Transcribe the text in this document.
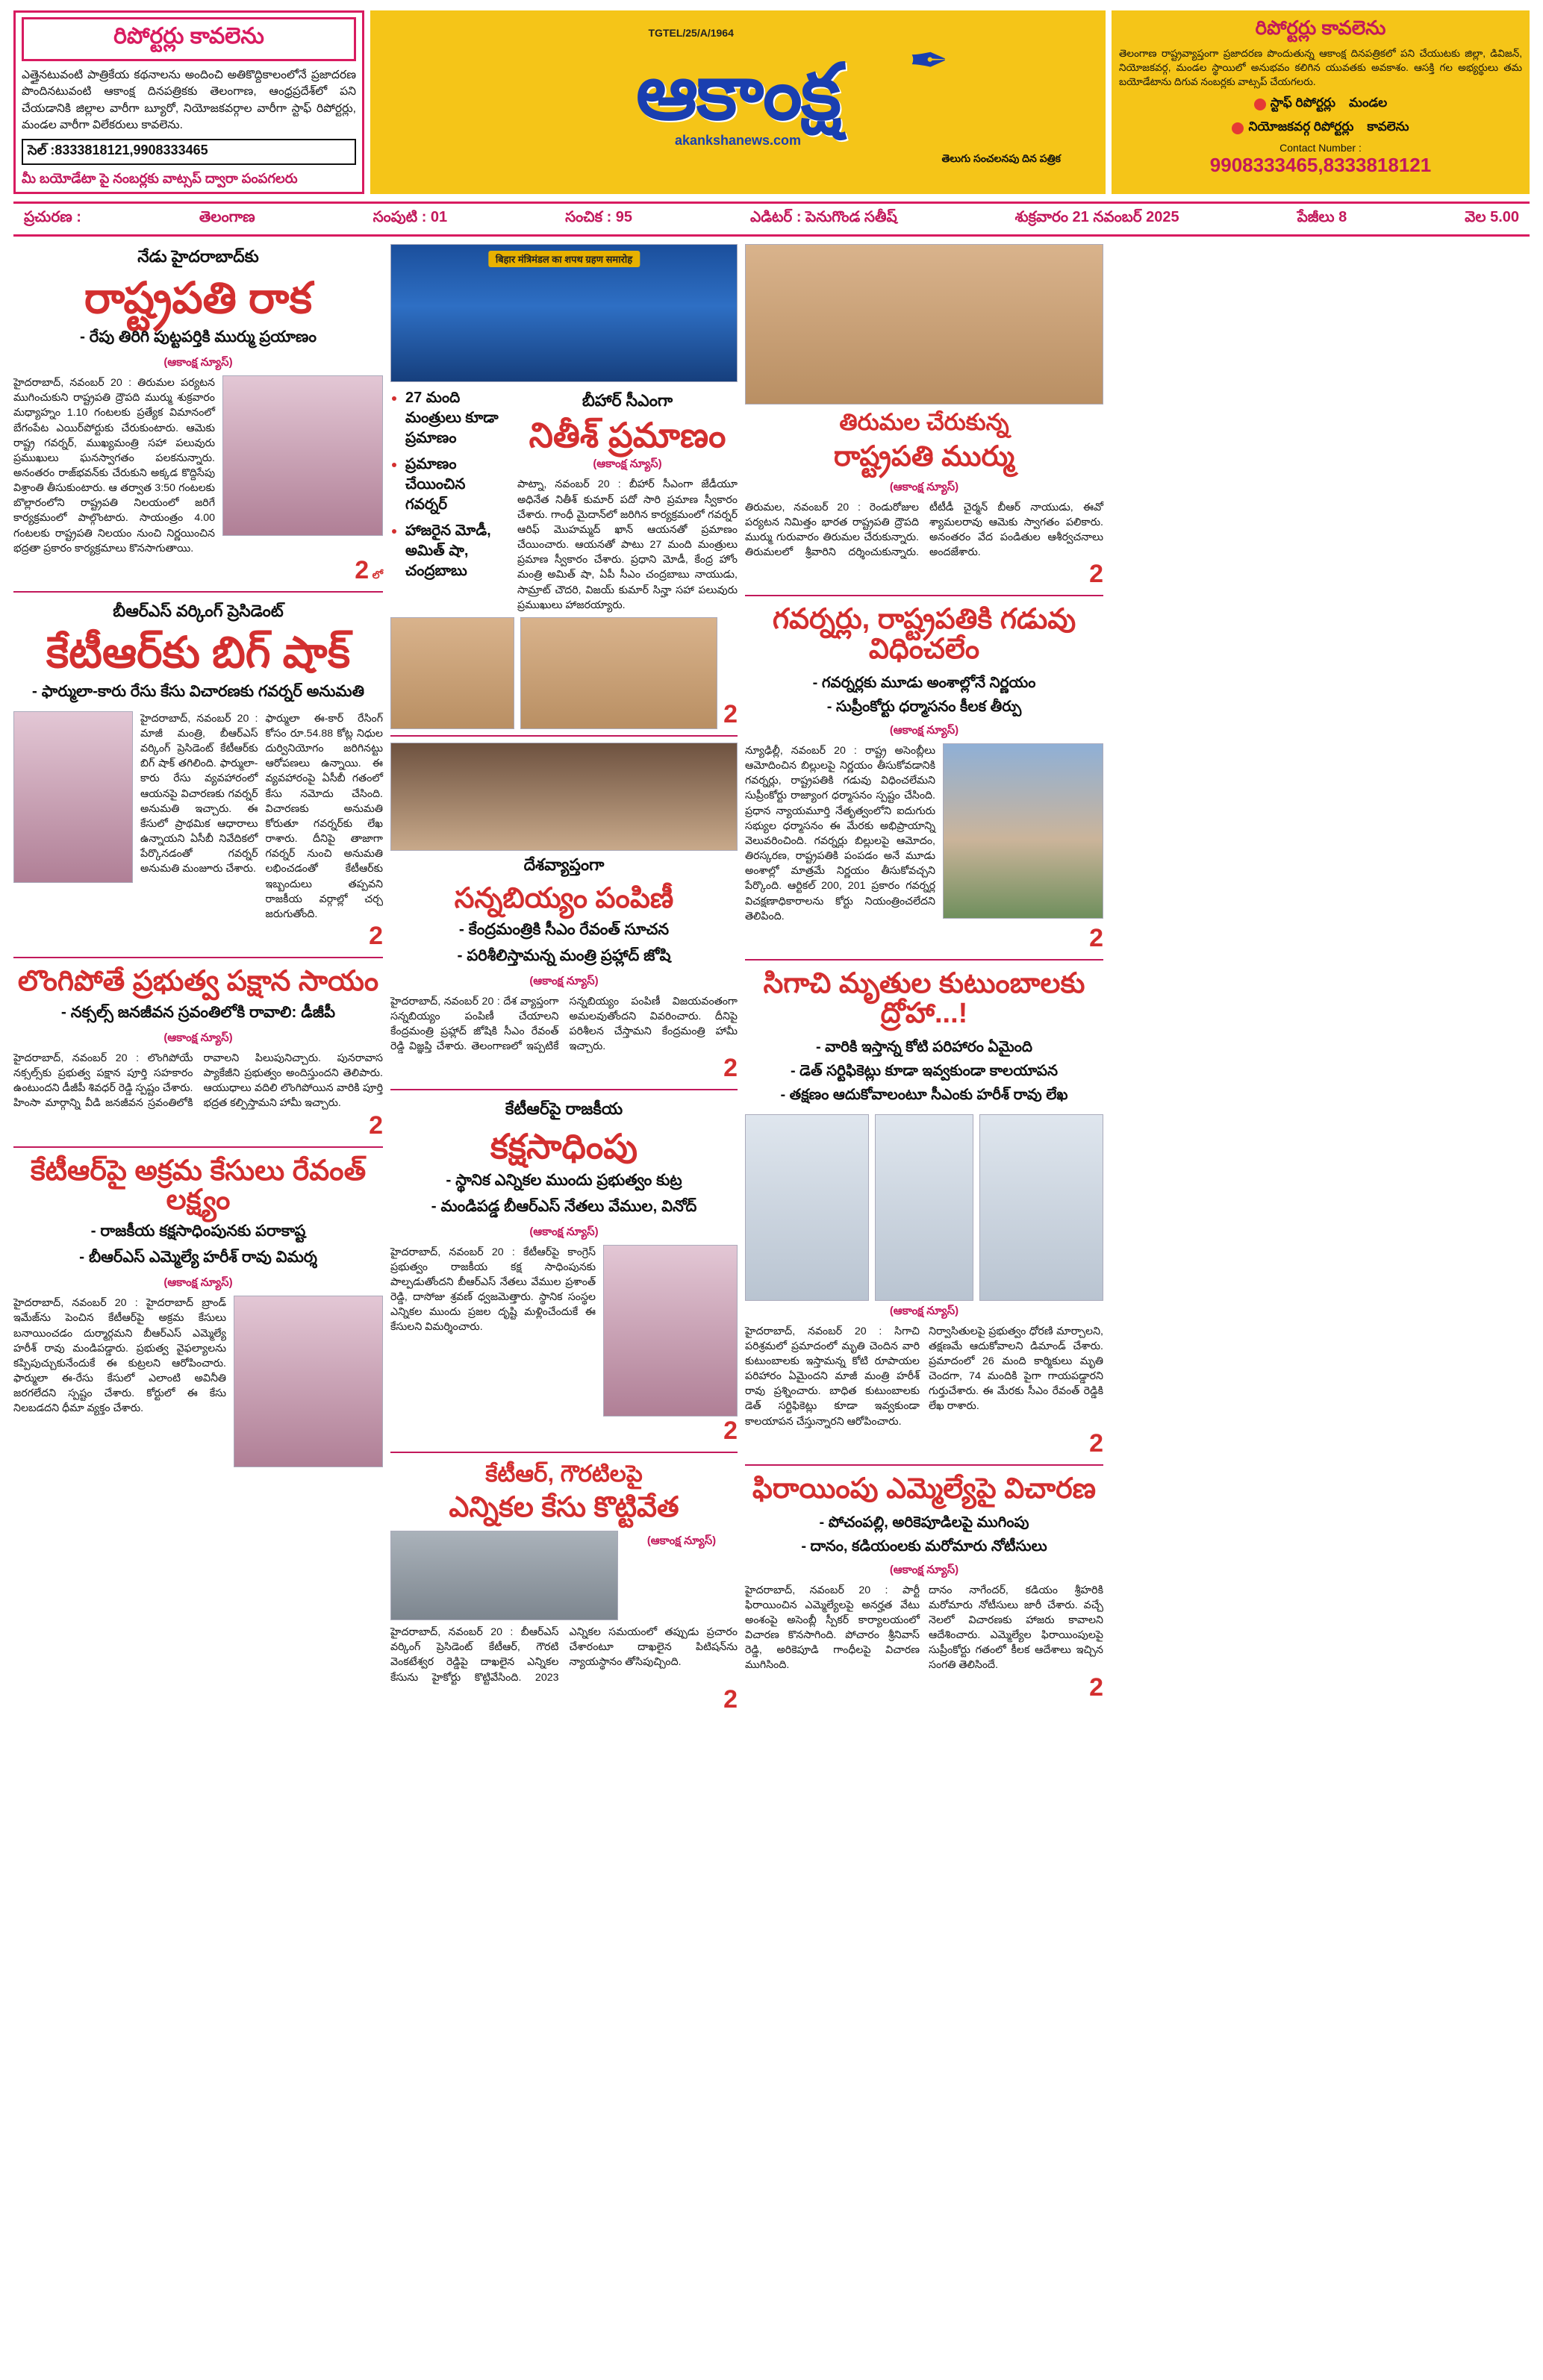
రిపోర్టర్లు కావలెను
ఎత్తైనటువంటి పాత్రికేయ కథనాలను అందించి అతికొద్దికాలంలోనే ప్రజాదరణ పొందినటువంటి ఆకాంక్ష దినపత్రికకు తెలంగాణ, ఆంధ్రప్రదేశ్‌లో పని చేయడానికి జిల్లాల వారీగా బ్యూరో, నియోజకవర్గాల వారీగా స్టాఫ్ రిపోర్టర్లు, మండల వారీగా విలేకరులు కావలెను.
సెల్ :8333818121,9908333465
మీ బయోడేటా పై నంబర్లకు వాట్సప్ ద్వారా పంపగలరు
TGTEL/25/A/1964
ఆకాంక్ష
akankshanews.com
తెలుగు సంచలనపు దిన పత్రిక
✒
రిపోర్టర్లు కావలెను
తెలంగాణ రాష్ట్రవ్యాప్తంగా ప్రజాదరణ పొందుతున్న ఆకాంక్ష దినపత్రికలో పని చేయుటకు జిల్లా, డివిజన్, నియోజకవర్గ, మండల స్థాయిలో అనుభవం కలిగిన యువతకు అవకాశం. ఆసక్తి గల అభ్యర్థులు తమ బయోడేటాను దిగువ నంబర్లకు వాట్సప్ చేయగలరు.
స్టాఫ్ రిపోర్టర్లు మండల
నియోజకవర్గ రిపోర్టర్లు కావలెను
Contact Number :
9908333465,8333818121
ప్రచురణ :	తెలంగాణ	సంపుటి : 01	సంచిక : 95	ఎడిటర్ : పెనుగొండ సతీష్	శుక్రవారం 21 నవంబర్ 2025	పేజీలు 8	వెల 5.00
నేడు హైదరాబాద్‌కు
రాష్ట్రపతి రాక
- రేపు తిరిగి పుట్టపర్తికి ముర్ము ప్రయాణం
(ఆకాంక్ష న్యూస్)
హైదరాబాద్, నవంబర్ 20 : తిరుమల పర్యటన ముగించుకుని రాష్ట్రపతి ద్రౌపది ముర్ము శుక్రవారం మధ్యాహ్నం 1.10 గంటలకు ప్రత్యేక విమానంలో బేగంపేట ఎయిర్‌పోర్టుకు చేరుకుంటారు. ఆమెకు రాష్ట్ర గవర్నర్, ముఖ్యమంత్రి సహా పలువురు ప్రముఖులు ఘనస్వాగతం పలకనున్నారు. అనంతరం రాజ్‌భవన్‌కు చేరుకుని అక్కడ కొద్దిసేపు విశ్రాంతి తీసుకుంటారు. ఆ తర్వాత 3:50 గంటలకు బొల్లారంలోని రాష్ట్రపతి నిలయంలో జరిగే కార్యక్రమంలో పాల్గొంటారు. సాయంత్రం 4.00 గంటలకు రాష్ట్రపతి నిలయం నుంచి నిర్ణయించిన భద్రతా ప్రకారం కార్యక్రమాలు కొనసాగుతాయి.
2 లో
బీఆర్ఎస్ వర్కింగ్ ప్రెసిడెంట్
కేటీఆర్‌కు బిగ్ షాక్
- ఫార్ములా-కారు రేసు కేసు విచారణకు గవర్నర్ అనుమతి
హైదరాబాద్, నవంబర్ 20 : మాజీ మంత్రి, బీఆర్ఎస్ వర్కింగ్ ప్రెసిడెంట్ కేటీఆర్‌కు బిగ్ షాక్ తగిలింది. ఫార్ములా-కారు రేసు వ్యవహారంలో ఆయనపై విచారణకు గవర్నర్ అనుమతి ఇచ్చారు. ఈ కేసులో ప్రాథమిక ఆధారాలు ఉన్నాయని ఏసీబీ నివేదికలో పేర్కొనడంతో గవర్నర్ అనుమతి మంజూరు చేశారు.
ఫార్ములా ఈ-కార్ రేసింగ్ కోసం రూ.54.88 కోట్ల నిధుల దుర్వినియోగం జరిగినట్టు ఆరోపణలు ఉన్నాయి. ఈ వ్యవహారంపై ఏసీబీ గతంలో కేసు నమోదు చేసింది. విచారణకు అనుమతి కోరుతూ గవర్నర్‌కు లేఖ రాశారు. దీనిపై తాజాగా గవర్నర్ నుంచి అనుమతి లభించడంతో కేటీఆర్‌కు ఇబ్బందులు తప్పవని రాజకీయ వర్గాల్లో చర్చ జరుగుతోంది.
2
లొంగిపోతే ప్రభుత్వ పక్షాన సాయం
- నక్సల్స్ జనజీవన స్రవంతిలోకి రావాలి: డీజీపీ
(ఆకాంక్ష న్యూస్)
హైదరాబాద్, నవంబర్ 20 : లొంగిపోయే నక్సల్స్‌కు ప్రభుత్వ పక్షాన పూర్తి సహకారం ఉంటుందని డీజీపీ శివధర్ రెడ్డి స్పష్టం చేశారు. హింసా మార్గాన్ని వీడి జనజీవన స్రవంతిలోకి రావాలని పిలుపునిచ్చారు. పునరావాస ప్యాకేజీని ప్రభుత్వం అందిస్తుందని తెలిపారు. ఆయుధాలు వదిలి లొంగిపోయిన వారికి పూర్తి భద్రత కల్పిస్తామని హామీ ఇచ్చారు.
2
కేటీఆర్‌పై అక్రమ కేసులు రేవంత్ లక్ష్యం
- రాజకీయ కక్షసాధింపునకు పరాకాష్ట
- బీఆర్ఎస్ ఎమ్మెల్యే హరీశ్ రావు విమర్శ
(ఆకాంక్ష న్యూస్)
హైదరాబాద్, నవంబర్ 20 : హైదరాబాద్ బ్రాండ్ ఇమేజ్‌ను పెంచిన కేటీఆర్‌పై అక్రమ కేసులు బనాయించడం దుర్మార్గమని బీఆర్ఎస్ ఎమ్మెల్యే హరీశ్ రావు మండిపడ్డారు. ప్రభుత్వ వైఫల్యాలను కప్పిపుచ్చుకునేందుకే ఈ కుట్రలని ఆరోపించారు. ఫార్ములా ఈ-రేసు కేసులో ఎలాంటి అవినీతి జరగలేదని స్పష్టం చేశారు. కోర్టులో ఈ కేసు నిలబడదని ధీమా వ్యక్తం చేశారు.
बिहार मंत्रिमंडल का शपथ ग्रहण समारोह
• 27 మంది మంత్రులు కూడా ప్రమాణం
• ప్రమాణం చేయించిన గవర్నర్
• హాజరైన మోడీ, అమిత్ షా, చంద్రబాబు
బీహార్ సీఎంగా
నితీశ్ ప్రమాణం
(ఆకాంక్ష న్యూస్)
పాట్నా, నవంబర్ 20 : బీహార్ సీఎంగా జేడీయూ అధినేత నితీశ్ కుమార్ పదో సారి ప్రమాణ స్వీకారం చేశారు. గాంధీ మైదాన్‌లో జరిగిన కార్యక్రమంలో గవర్నర్ ఆరిఫ్ మొహమ్మద్ ఖాన్ ఆయనతో ప్రమాణం చేయించారు. ఆయనతో పాటు 27 మంది మంత్రులు ప్రమాణ స్వీకారం చేశారు. ప్రధాని మోడీ, కేంద్ర హోం మంత్రి అమిత్ షా, ఏపీ సీఎం చంద్రబాబు నాయుడు, సామ్రాట్ చౌదరి, విజయ్ కుమార్ సిన్హా సహా పలువురు ప్రముఖులు హాజరయ్యారు.
2
దేశవ్యాప్తంగా
సన్నబియ్యం పంపిణీ
- కేంద్రమంత్రికి సీఎం రేవంత్ సూచన
- పరిశీలిస్తామన్న మంత్రి ప్రహ్లాద్ జోషి
(ఆకాంక్ష న్యూస్)
హైదరాబాద్, నవంబర్ 20 : దేశ వ్యాప్తంగా సన్నబియ్యం పంపిణీ చేయాలని కేంద్రమంత్రి ప్రహ్లాద్ జోషికి సీఎం రేవంత్ రెడ్డి విజ్ఞప్తి చేశారు. తెలంగాణలో ఇప్పటికే సన్నబియ్యం పంపిణీ విజయవంతంగా అమలవుతోందని వివరించారు. దీనిపై పరిశీలన చేస్తామని కేంద్రమంత్రి హామీ ఇచ్చారు.
2
కేటీఆర్‌పై రాజకీయ
కక్షసాధింపు
- స్థానిక ఎన్నికల ముందు ప్రభుత్వం కుట్ర
- మండిపడ్డ బీఆర్ఎస్ నేతలు వేముల, వినోద్
(ఆకాంక్ష న్యూస్)
హైదరాబాద్, నవంబర్ 20 : కేటీఆర్‌పై కాంగ్రెస్ ప్రభుత్వం రాజకీయ కక్ష సాధింపునకు పాల్పడుతోందని బీఆర్ఎస్ నేతలు వేముల ప్రశాంత్ రెడ్డి, దాసోజు శ్రవణ్ ధ్వజమెత్తారు. స్థానిక సంస్థల ఎన్నికల ముందు ప్రజల దృష్టి మళ్లించేందుకే ఈ కేసులని విమర్శించారు.
2
కేటీఆర్, గౌరటిలపై
ఎన్నికల కేసు కొట్టివేత
(ఆకాంక్ష న్యూస్)
హైదరాబాద్, నవంబర్ 20 : బీఆర్ఎస్ వర్కింగ్ ప్రెసిడెంట్ కేటీఆర్, గౌరటి వెంకటేశ్వర రెడ్డిపై దాఖలైన ఎన్నికల కేసును హైకోర్టు కొట్టివేసింది. 2023 ఎన్నికల సమయంలో తప్పుడు ప్రచారం చేశారంటూ దాఖలైన పిటిషన్‌ను న్యాయస్థానం తోసిపుచ్చింది.
2
తిరుమల చేరుకున్న
రాష్ట్రపతి ముర్ము
(ఆకాంక్ష న్యూస్)
తిరుమల, నవంబర్ 20 : రెండురోజుల పర్యటన నిమిత్తం భారత రాష్ట్రపతి ద్రౌపది ముర్ము గురువారం తిరుమల చేరుకున్నారు. తిరుమలలో శ్రీవారిని దర్శించుకున్నారు. టీటీడీ చైర్మన్ బీఆర్ నాయుడు, ఈవో శ్యామలరావు ఆమెకు స్వాగతం పలికారు. అనంతరం వేద పండితుల ఆశీర్వచనాలు అందజేశారు.
2
గవర్నర్లు, రాష్ట్రపతికి గడువు విధించలేం
- గవర్నర్లకు మూడు అంశాల్లోనే నిర్ణయం
- సుప్రీంకోర్టు ధర్మాసనం కీలక తీర్పు
(ఆకాంక్ష న్యూస్)
న్యూఢిల్లీ, నవంబర్ 20 : రాష్ట్ర అసెంబ్లీలు ఆమోదించిన బిల్లులపై నిర్ణయం తీసుకోవడానికి గవర్నర్లు, రాష్ట్రపతికి గడువు విధించలేమని సుప్రీంకోర్టు రాజ్యాంగ ధర్మాసనం స్పష్టం చేసింది. ప్రధాన న్యాయమూర్తి నేతృత్వంలోని ఐదుగురు సభ్యుల ధర్మాసనం ఈ మేరకు అభిప్రాయాన్ని వెలువరించింది. గవర్నర్లు బిల్లులపై ఆమోదం, తిరస్కరణ, రాష్ట్రపతికి పంపడం అనే మూడు అంశాల్లో మాత్రమే నిర్ణయం తీసుకోవచ్చని పేర్కొంది. ఆర్టికల్ 200, 201 ప్రకారం గవర్నర్ల విచక్షణాధికారాలను కోర్టు నియంత్రించలేదని తెలిపింది.
2
సిగాచి మృతుల కుటుంబాలకు ద్రోహా...!
- వారికి ఇస్తాన్న కోటి పరిహారం ఏమైంది
- డెత్ సర్టిఫికెట్లు కూడా ఇవ్వకుండా కాలయాపన
- తక్షణం ఆదుకోవాలంటూ సీఎంకు హరీశ్ రావు లేఖ
(ఆకాంక్ష న్యూస్)
హైదరాబాద్, నవంబర్ 20 : సిగాచి పరిశ్రమలో ప్రమాదంలో మృతి చెందిన వారి కుటుంబాలకు ఇస్తామన్న కోటి రూపాయల పరిహారం ఏమైందని మాజీ మంత్రి హరీశ్ రావు ప్రశ్నించారు. బాధిత కుటుంబాలకు డెత్ సర్టిఫికెట్లు కూడా ఇవ్వకుండా కాలయాపన చేస్తున్నారని ఆరోపించారు.
నిర్వాసితులపై ప్రభుత్వం ధోరణి మార్చాలని, తక్షణమే ఆదుకోవాలని డిమాండ్ చేశారు. ప్రమాదంలో 26 మంది కార్మికులు మృతి చెందగా, 74 మందికి పైగా గాయపడ్డారని గుర్తుచేశారు. ఈ మేరకు సీఎం రేవంత్ రెడ్డికి లేఖ రాశారు.
2
ఫిరాయింపు ఎమ్మెల్యేపై విచారణ
- పోచంపల్లి, అరికెపూడిలపై ముగింపు
- దానం, కడియంలకు మరోమారు నోటీసులు
(ఆకాంక్ష న్యూస్)
హైదరాబాద్, నవంబర్ 20 : పార్టీ ఫిరాయించిన ఎమ్మెల్యేలపై అనర్హత వేటు అంశంపై అసెంబ్లీ స్పీకర్ కార్యాలయంలో విచారణ కొనసాగింది. పోచారం శ్రీనివాస్ రెడ్డి, అరికెపూడి గాంధీలపై విచారణ ముగిసింది.
దానం నాగేందర్, కడియం శ్రీహరికి మరోమారు నోటీసులు జారీ చేశారు. వచ్చే నెలలో విచారణకు హాజరు కావాలని ఆదేశించారు. ఎమ్మెల్యేల ఫిరాయింపులపై సుప్రీంకోర్టు గతంలో కీలక ఆదేశాలు ఇచ్చిన సంగతి తెలిసిందే.
2
